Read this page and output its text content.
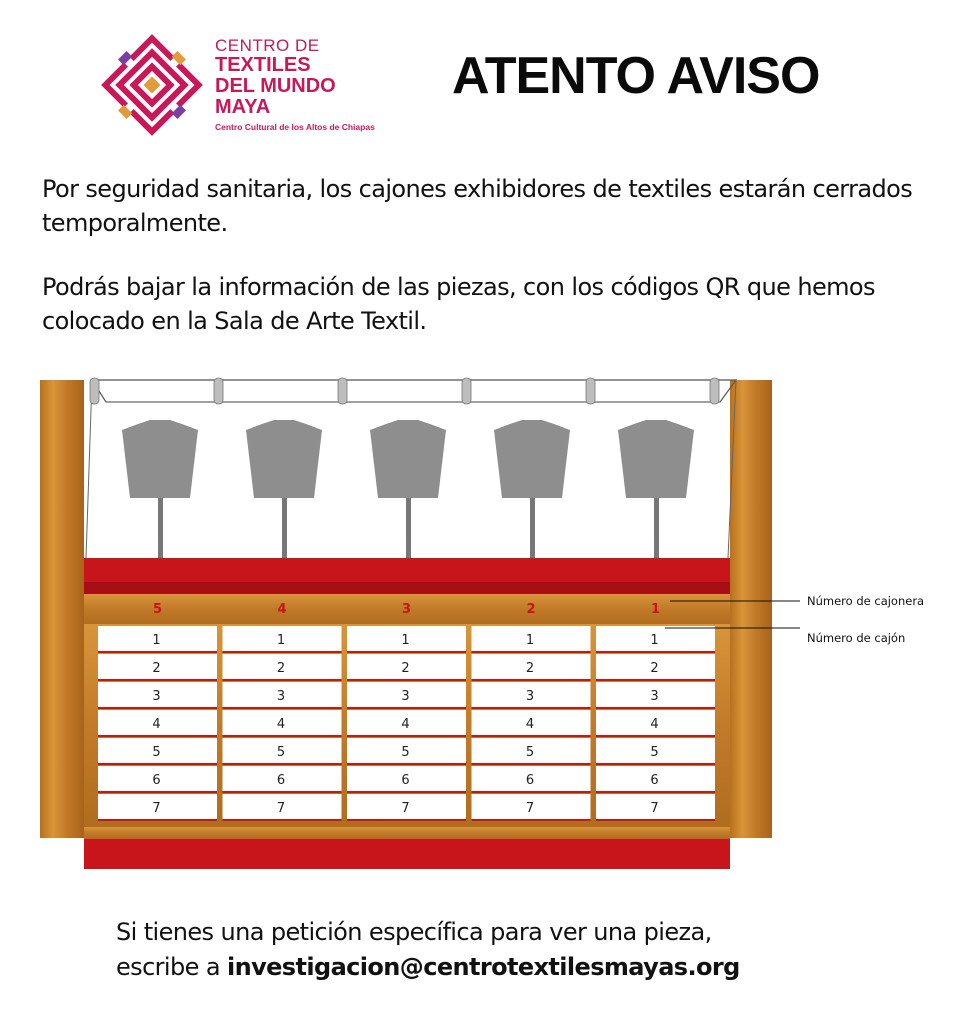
CENTRO DE
TEXTILES
DEL MUNDO
MAYA
Centro Cultural de los Altos de Chiapas
ATENTO AVISO
Por seguridad sanitaria, los cajones exhibidores de textiles estarán cerrados temporalmente.
Podrás bajar la información de las piezas, con los códigos QR que hemos colocado en la Sala de Arte Textil.
5
1
2
3
4
5
6
7
4
1
2
3
4
5
6
7
3
1
2
3
4
5
6
7
2
1
2
3
4
5
6
7
1
1
2
3
4
5
6
7
Número de cajonera
Número de cajón
Si tienes una petición específica para ver una pieza,
escribe a investigacion@centrotextilesmayas.org
